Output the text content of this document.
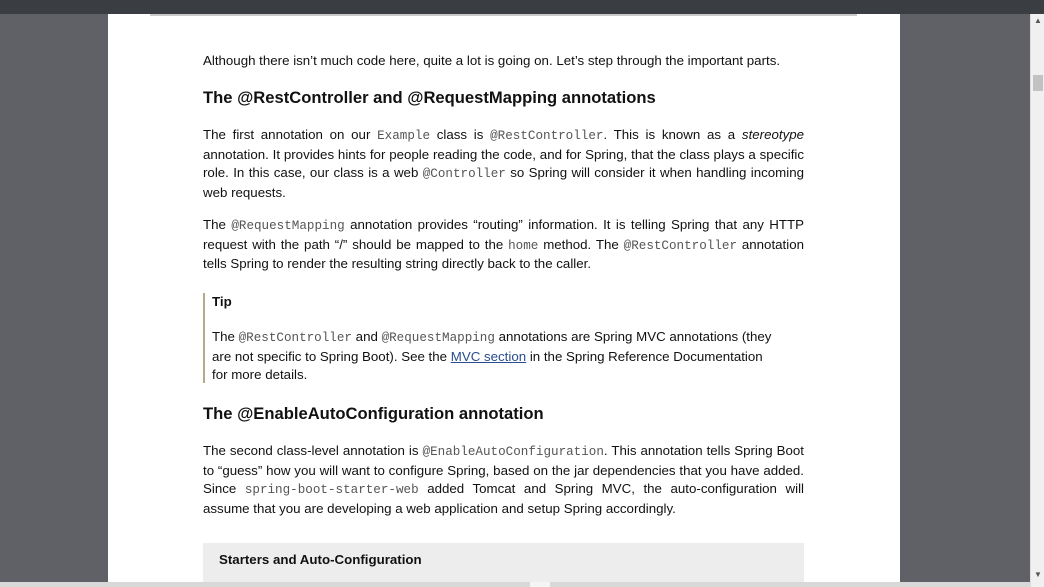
Although there isn’t much code here, quite a lot is going on. Let’s step through the important parts.

The @RestController and @RequestMapping annotations

The first annotation on our Example class is @RestController. This is known as a stereotype annotation. It provides hints for people reading the code, and for Spring, that the class plays a specific role. In this case, our class is a web @Controller so Spring will consider it when handling incoming web requests.

The @RequestMapping annotation provides “routing” information. It is telling Spring that any HTTP request with the path “/” should be mapped to the home method. The @RestController annotation tells Spring to render the resulting string directly back to the caller.

Tip

The @RestController and @RequestMapping annotations are Spring MVC annotations (they are not specific to Spring Boot). See the MVC section in the Spring Reference Documentation for more details.

The @EnableAutoConfiguration annotation

The second class-level annotation is @EnableAutoConfiguration. This annotation tells Spring Boot to “guess” how you will want to configure Spring, based on the jar dependencies that you have added. Since spring-boot-starter-web added Tomcat and Spring MVC, the auto-configuration will assume that you are developing a web application and setup Spring accordingly.

Starters and Auto-Configuration
▲
▼
